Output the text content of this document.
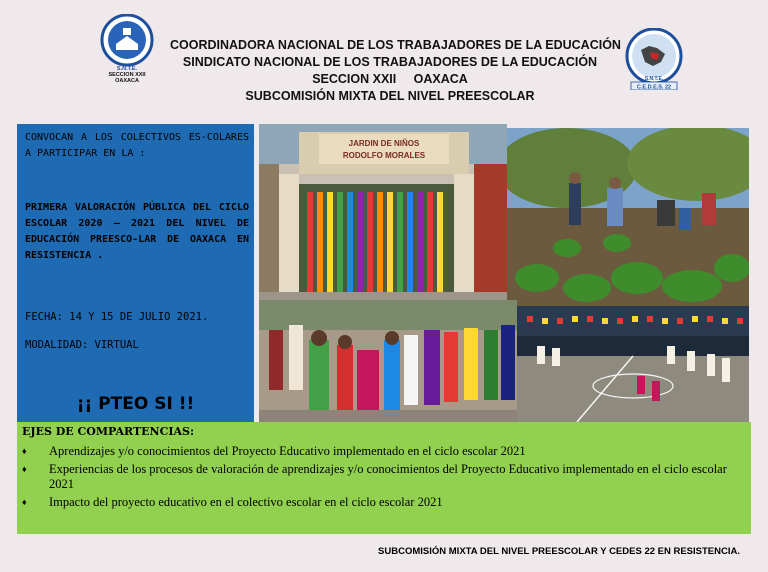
S.N.T.E.
SECCION XXII
OAXACA
COORDINADORA NACIONAL DE LOS TRABAJADORES DE LA EDUCACIÓN
SINDICATO NACIONAL DE LOS TRABAJADORES DE LA EDUCACIÓN
SECCION XXII     OAXACA
SUBCOMISIÓN MIXTA DEL NIVEL PREESCOLAR
S.N.T.E.
C.E.D.E.S. 22
CONVOCAN A LOS COLECTIVOS ES-COLARES A PARTICIPAR EN LA :
PRIMERA VALORACIÓN PÚBLICA DEL CICLO ESCOLAR 2020 – 2021 DEL NIVEL DE EDUCACIÓN PREESCO-LAR DE OAXACA EN RESISTENCIA .
FECHA: 14 Y 15 DE JULIO 2021.
MODALIDAD: VIRTUAL
¡¡ PTEO SI !!
JARDIN DE NIÑOS
RODOLFO MORALES
EJES DE COMPARTENCIAS:
♦ Aprendizajes y/o conocimientos del Proyecto Educativo implementado en el ciclo escolar 2021
♦ Experiencias de los procesos de valoración de aprendizajes y/o conocimientos del Proyecto Educativo implementado en el ciclo escolar 2021
♦ Impacto del proyecto educativo en el colectivo escolar en el ciclo escolar 2021
SUBCOMISIÓN MIXTA DEL NIVEL PREESCOLAR Y CEDES 22 EN RESISTENCIA.
